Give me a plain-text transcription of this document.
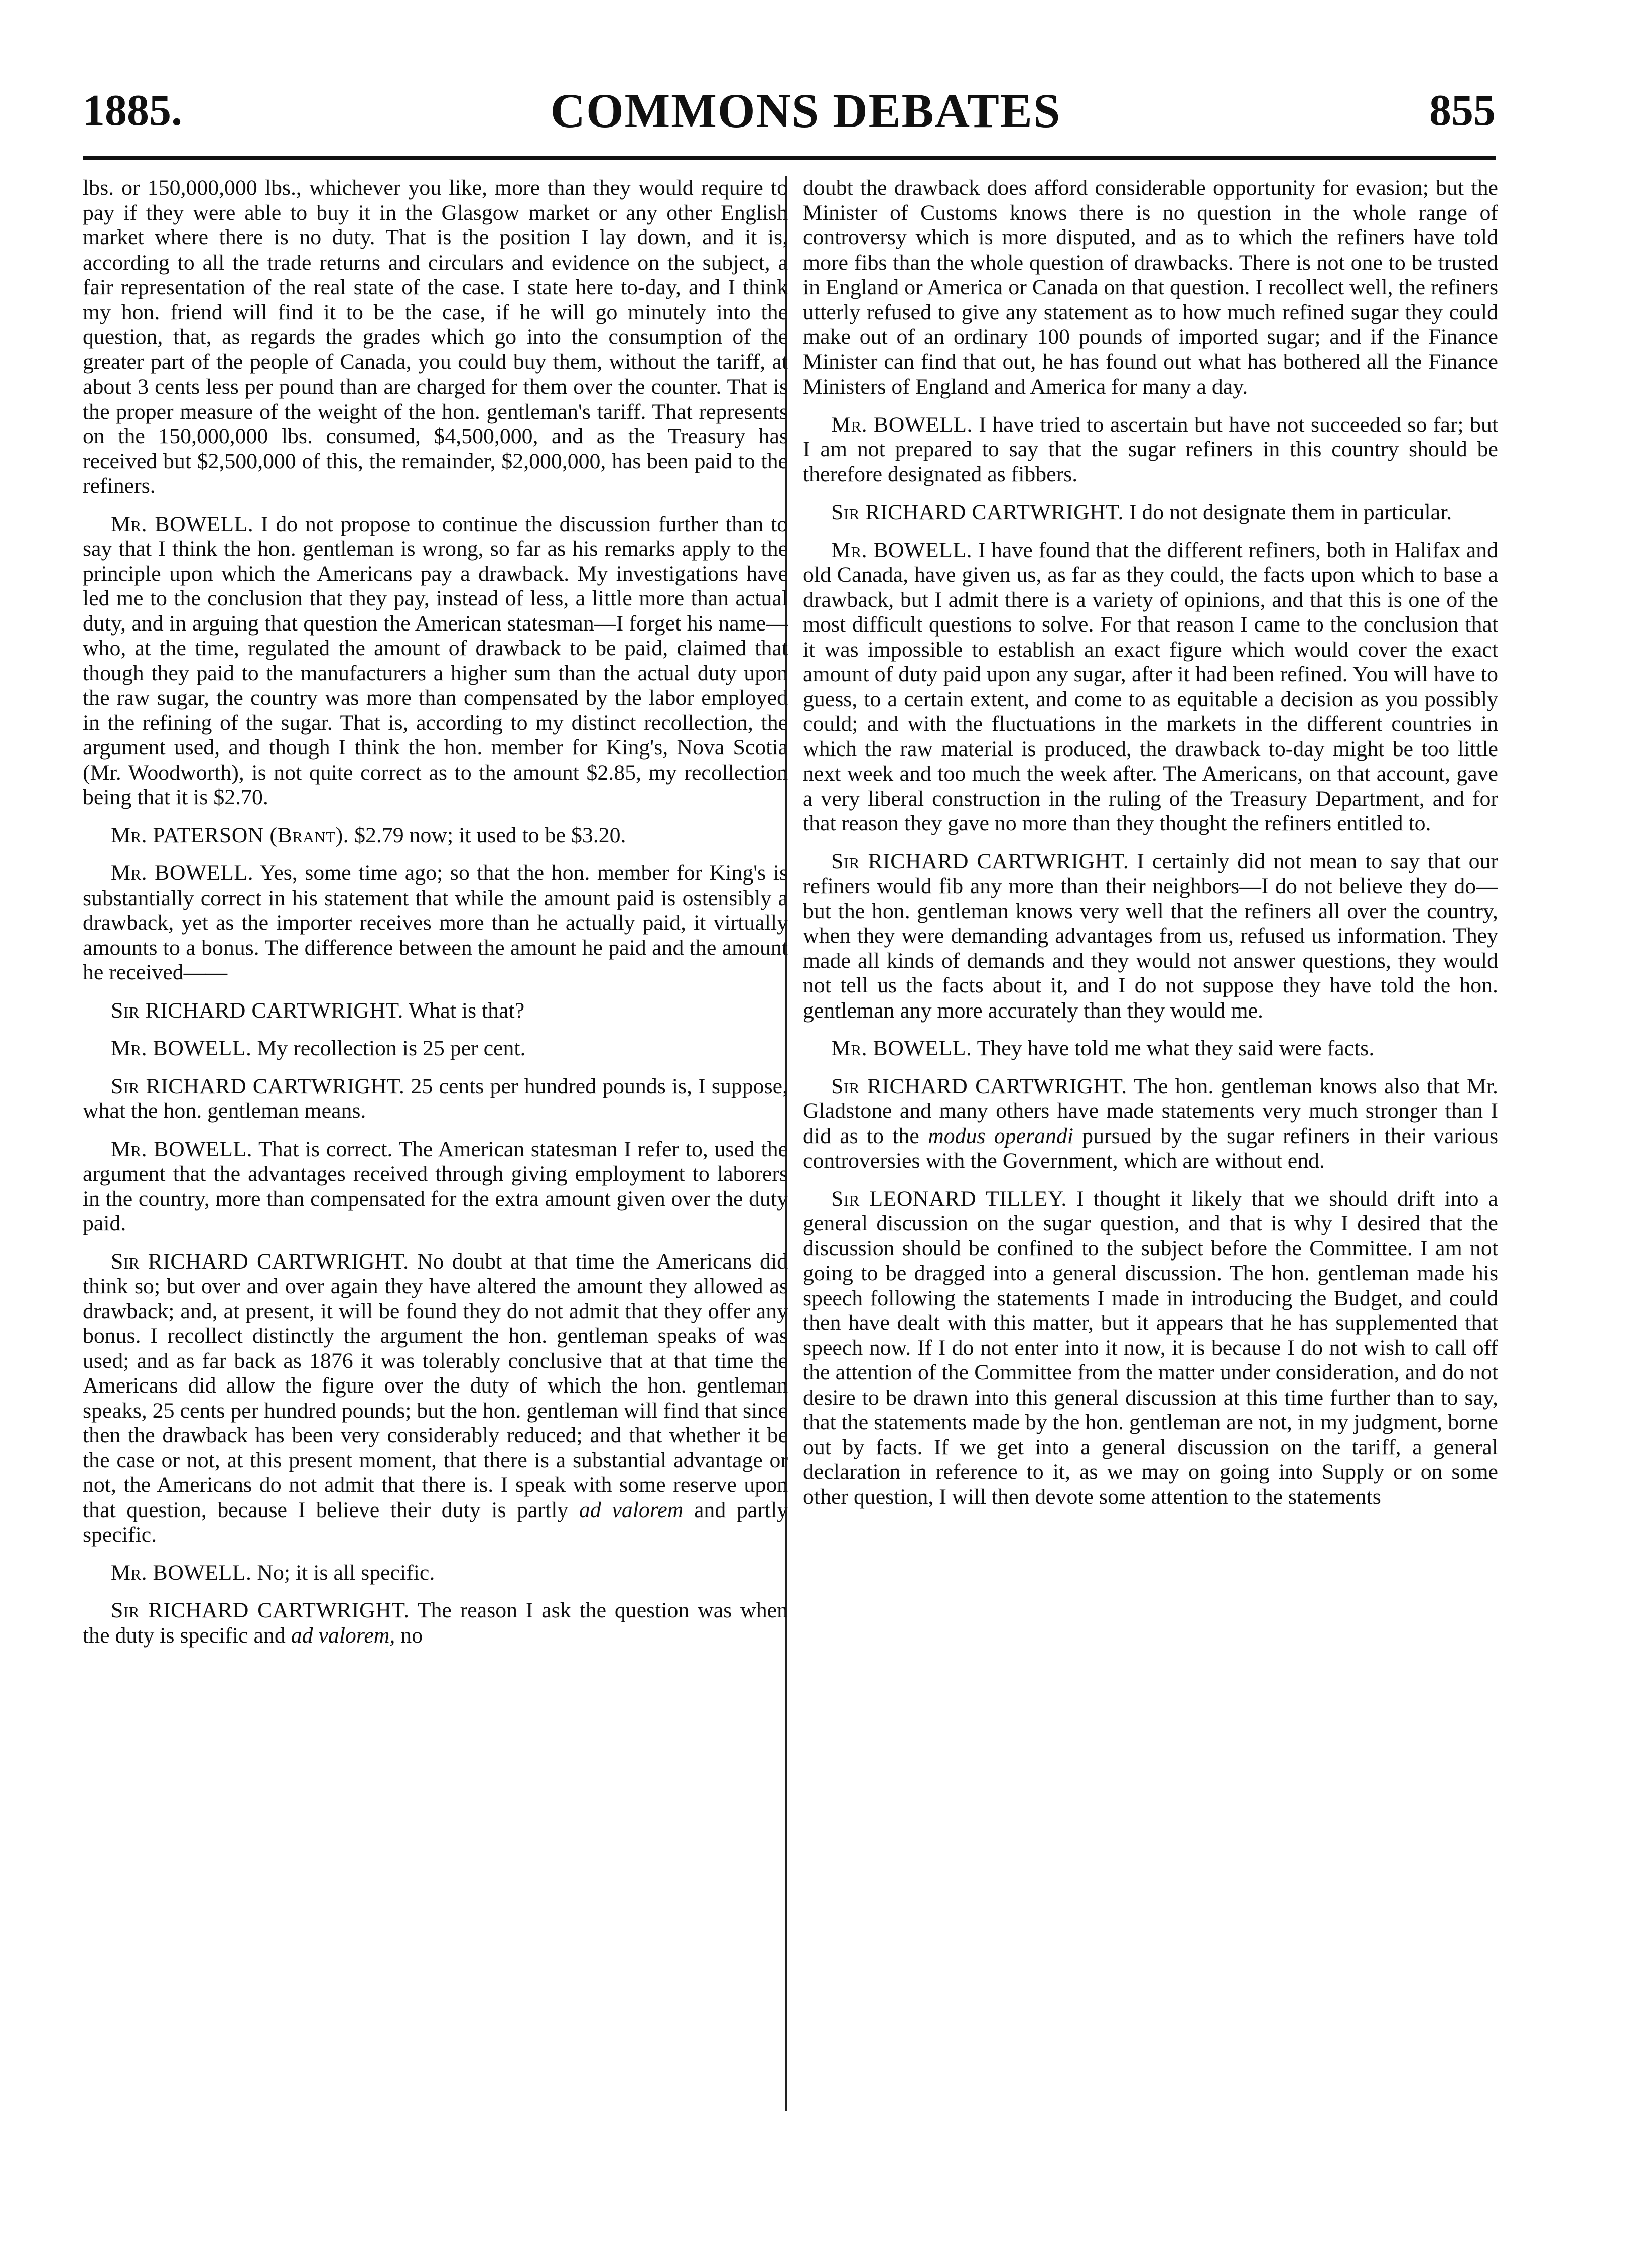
1885.	COMMONS DEBATES	855

lbs. or 150,000,000 lbs., whichever you like, more than they would require to pay if they were able to buy it in the Glasgow market or any other English market where there is no duty. That is the position I lay down, and it is, according to all the trade returns and circulars and evidence on the subject, a fair representation of the real state of the case. I state here to-day, and I think my hon. friend will find it to be the case, if he will go minutely into the question, that, as regards the grades which go into the consumption of the greater part of the people of Canada, you could buy them, without the tariff, at about 3 cents less per pound than are charged for them over the counter. That is the proper measure of the weight of the hon. gentleman's tariff. That represents on the 150,000,000 lbs. consumed, $4,500,000, and as the Treasury has received but $2,500,000 of this, the remainder, $2,000,000, has been paid to the refiners.

Mr. BOWELL. I do not propose to continue the discussion further than to say that I think the hon. gentleman is wrong, so far as his remarks apply to the principle upon which the Americans pay a drawback. My investigations have led me to the conclusion that they pay, instead of less, a little more than actual duty, and in arguing that question the American statesman—I forget his name—who, at the time, regulated the amount of drawback to be paid, claimed that though they paid to the manufacturers a higher sum than the actual duty upon the raw sugar, the country was more than compensated by the labor employed in the refining of the sugar. That is, according to my distinct recollection, the argument used, and though I think the hon. member for King's, Nova Scotia (Mr. Woodworth), is not quite correct as to the amount $2.85, my recollection being that it is $2.70.

Mr. PATERSON (Brant). $2.79 now; it used to be $3.20.

Mr. BOWELL. Yes, some time ago; so that the hon. member for King's is substantially correct in his statement that while the amount paid is ostensibly a drawback, yet as the importer receives more than he actually paid, it virtually amounts to a bonus. The difference between the amount he paid and the amount he received——

Sir RICHARD CARTWRIGHT. What is that?

Mr. BOWELL. My recollection is 25 per cent.

Sir RICHARD CARTWRIGHT. 25 cents per hundred pounds is, I suppose, what the hon. gentleman means.

Mr. BOWELL. That is correct. The American statesman I refer to, used the argument that the advantages received through giving employment to laborers in the country, more than compensated for the extra amount given over the duty paid.

Sir RICHARD CARTWRIGHT. No doubt at that time the Americans did think so; but over and over again they have altered the amount they allowed as drawback; and, at present, it will be found they do not admit that they offer any bonus. I recollect distinctly the argument the hon. gentleman speaks of was used; and as far back as 1876 it was tolerably conclusive that at that time the Americans did allow the figure over the duty of which the hon. gentleman speaks, 25 cents per hundred pounds; but the hon. gentleman will find that since then the drawback has been very considerably reduced; and that whether it be the case or not, at this present moment, that there is a substantial advantage or not, the Americans do not admit that there is. I speak with some reserve upon that question, because I believe their duty is partly ad valorem and partly specific.

Mr. BOWELL. No; it is all specific.

Sir RICHARD CARTWRIGHT. The reason I ask the question was when the duty is specific and ad valorem, no

doubt the drawback does afford considerable opportunity for evasion; but the Minister of Customs knows there is no question in the whole range of controversy which is more disputed, and as to which the refiners have told more fibs than the whole question of drawbacks. There is not one to be trusted in England or America or Canada on that question. I recollect well, the refiners utterly refused to give any statement as to how much refined sugar they could make out of an ordinary 100 pounds of imported sugar; and if the Finance Minister can find that out, he has found out what has bothered all the Finance Ministers of England and America for many a day.

Mr. BOWELL. I have tried to ascertain but have not succeeded so far; but I am not prepared to say that the sugar refiners in this country should be therefore designated as fibbers.

Sir RICHARD CARTWRIGHT. I do not designate them in particular.

Mr. BOWELL. I have found that the different refiners, both in Halifax and old Canada, have given us, as far as they could, the facts upon which to base a drawback, but I admit there is a variety of opinions, and that this is one of the most difficult questions to solve. For that reason I came to the conclusion that it was impossible to establish an exact figure which would cover the exact amount of duty paid upon any sugar, after it had been refined. You will have to guess, to a certain extent, and come to as equitable a decision as you possibly could; and with the fluctuations in the markets in the different countries in which the raw material is produced, the drawback to-day might be too little next week and too much the week after. The Americans, on that account, gave a very liberal construction in the ruling of the Treasury Department, and for that reason they gave no more than they thought the refiners entitled to.

Sir RICHARD CARTWRIGHT. I certainly did not mean to say that our refiners would fib any more than their neighbors—I do not believe they do—but the hon. gentleman knows very well that the refiners all over the country, when they were demanding advantages from us, refused us information. They made all kinds of demands and they would not answer questions, they would not tell us the facts about it, and I do not suppose they have told the hon. gentleman any more accurately than they would me.

Mr. BOWELL. They have told me what they said were facts.

Sir RICHARD CARTWRIGHT. The hon. gentleman knows also that Mr. Gladstone and many others have made statements very much stronger than I did as to the modus operandi pursued by the sugar refiners in their various controversies with the Government, which are without end.

Sir LEONARD TILLEY. I thought it likely that we should drift into a general discussion on the sugar question, and that is why I desired that the discussion should be confined to the subject before the Committee. I am not going to be dragged into a general discussion. The hon. gentleman made his speech following the statements I made in introducing the Budget, and could then have dealt with this matter, but it appears that he has supplemented that speech now. If I do not enter into it now, it is because I do not wish to call off the attention of the Committee from the matter under consideration, and do not desire to be drawn into this general discussion at this time further than to say, that the statements made by the hon. gentleman are not, in my judgment, borne out by facts. If we get into a general discussion on the tariff, a general declaration in reference to it, as we may on going into Supply or on some other question, I will then devote some attention to the statements
